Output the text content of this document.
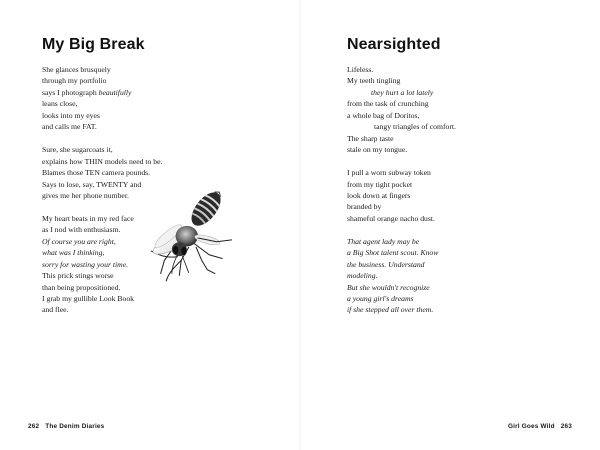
My Big Break

She glances brusquely
through my portfolio
says I photograph beautifully
leans close,
looks into my eyes
and calls me FAT.

Sure, she sugarcoats it,
explains how THIN models need to be.
Blames those TEN camera pounds.
Says to lose, say, TWENTY and
gives me her phone number.

My heart beats in my red face
as I nod with enthusiasm.
Of course you are right,
what was I thinking,
sorry for wasting your time.
This prick stings worse
than being propositioned.
I grab my gullible Look Book
and flee.

262 The Denim Diaries
Nearsighted

Lifeless.
My teeth tingling
they hurt a lot lately
from the task of crunching
a whole bag of Doritos,
tangy triangles of comfort.
The sharp taste
stale on my tongue.

I pull a worn subway token
from my tight pocket
look down at fingers
branded by
shameful orange nacho dust.

That agent lady may be
a Big Shot talent scout. Know
the business. Understand
modeling.
But she wouldn't recognize
a young girl's dreams
if she stepped all over them.

Girl Goes Wild 263
